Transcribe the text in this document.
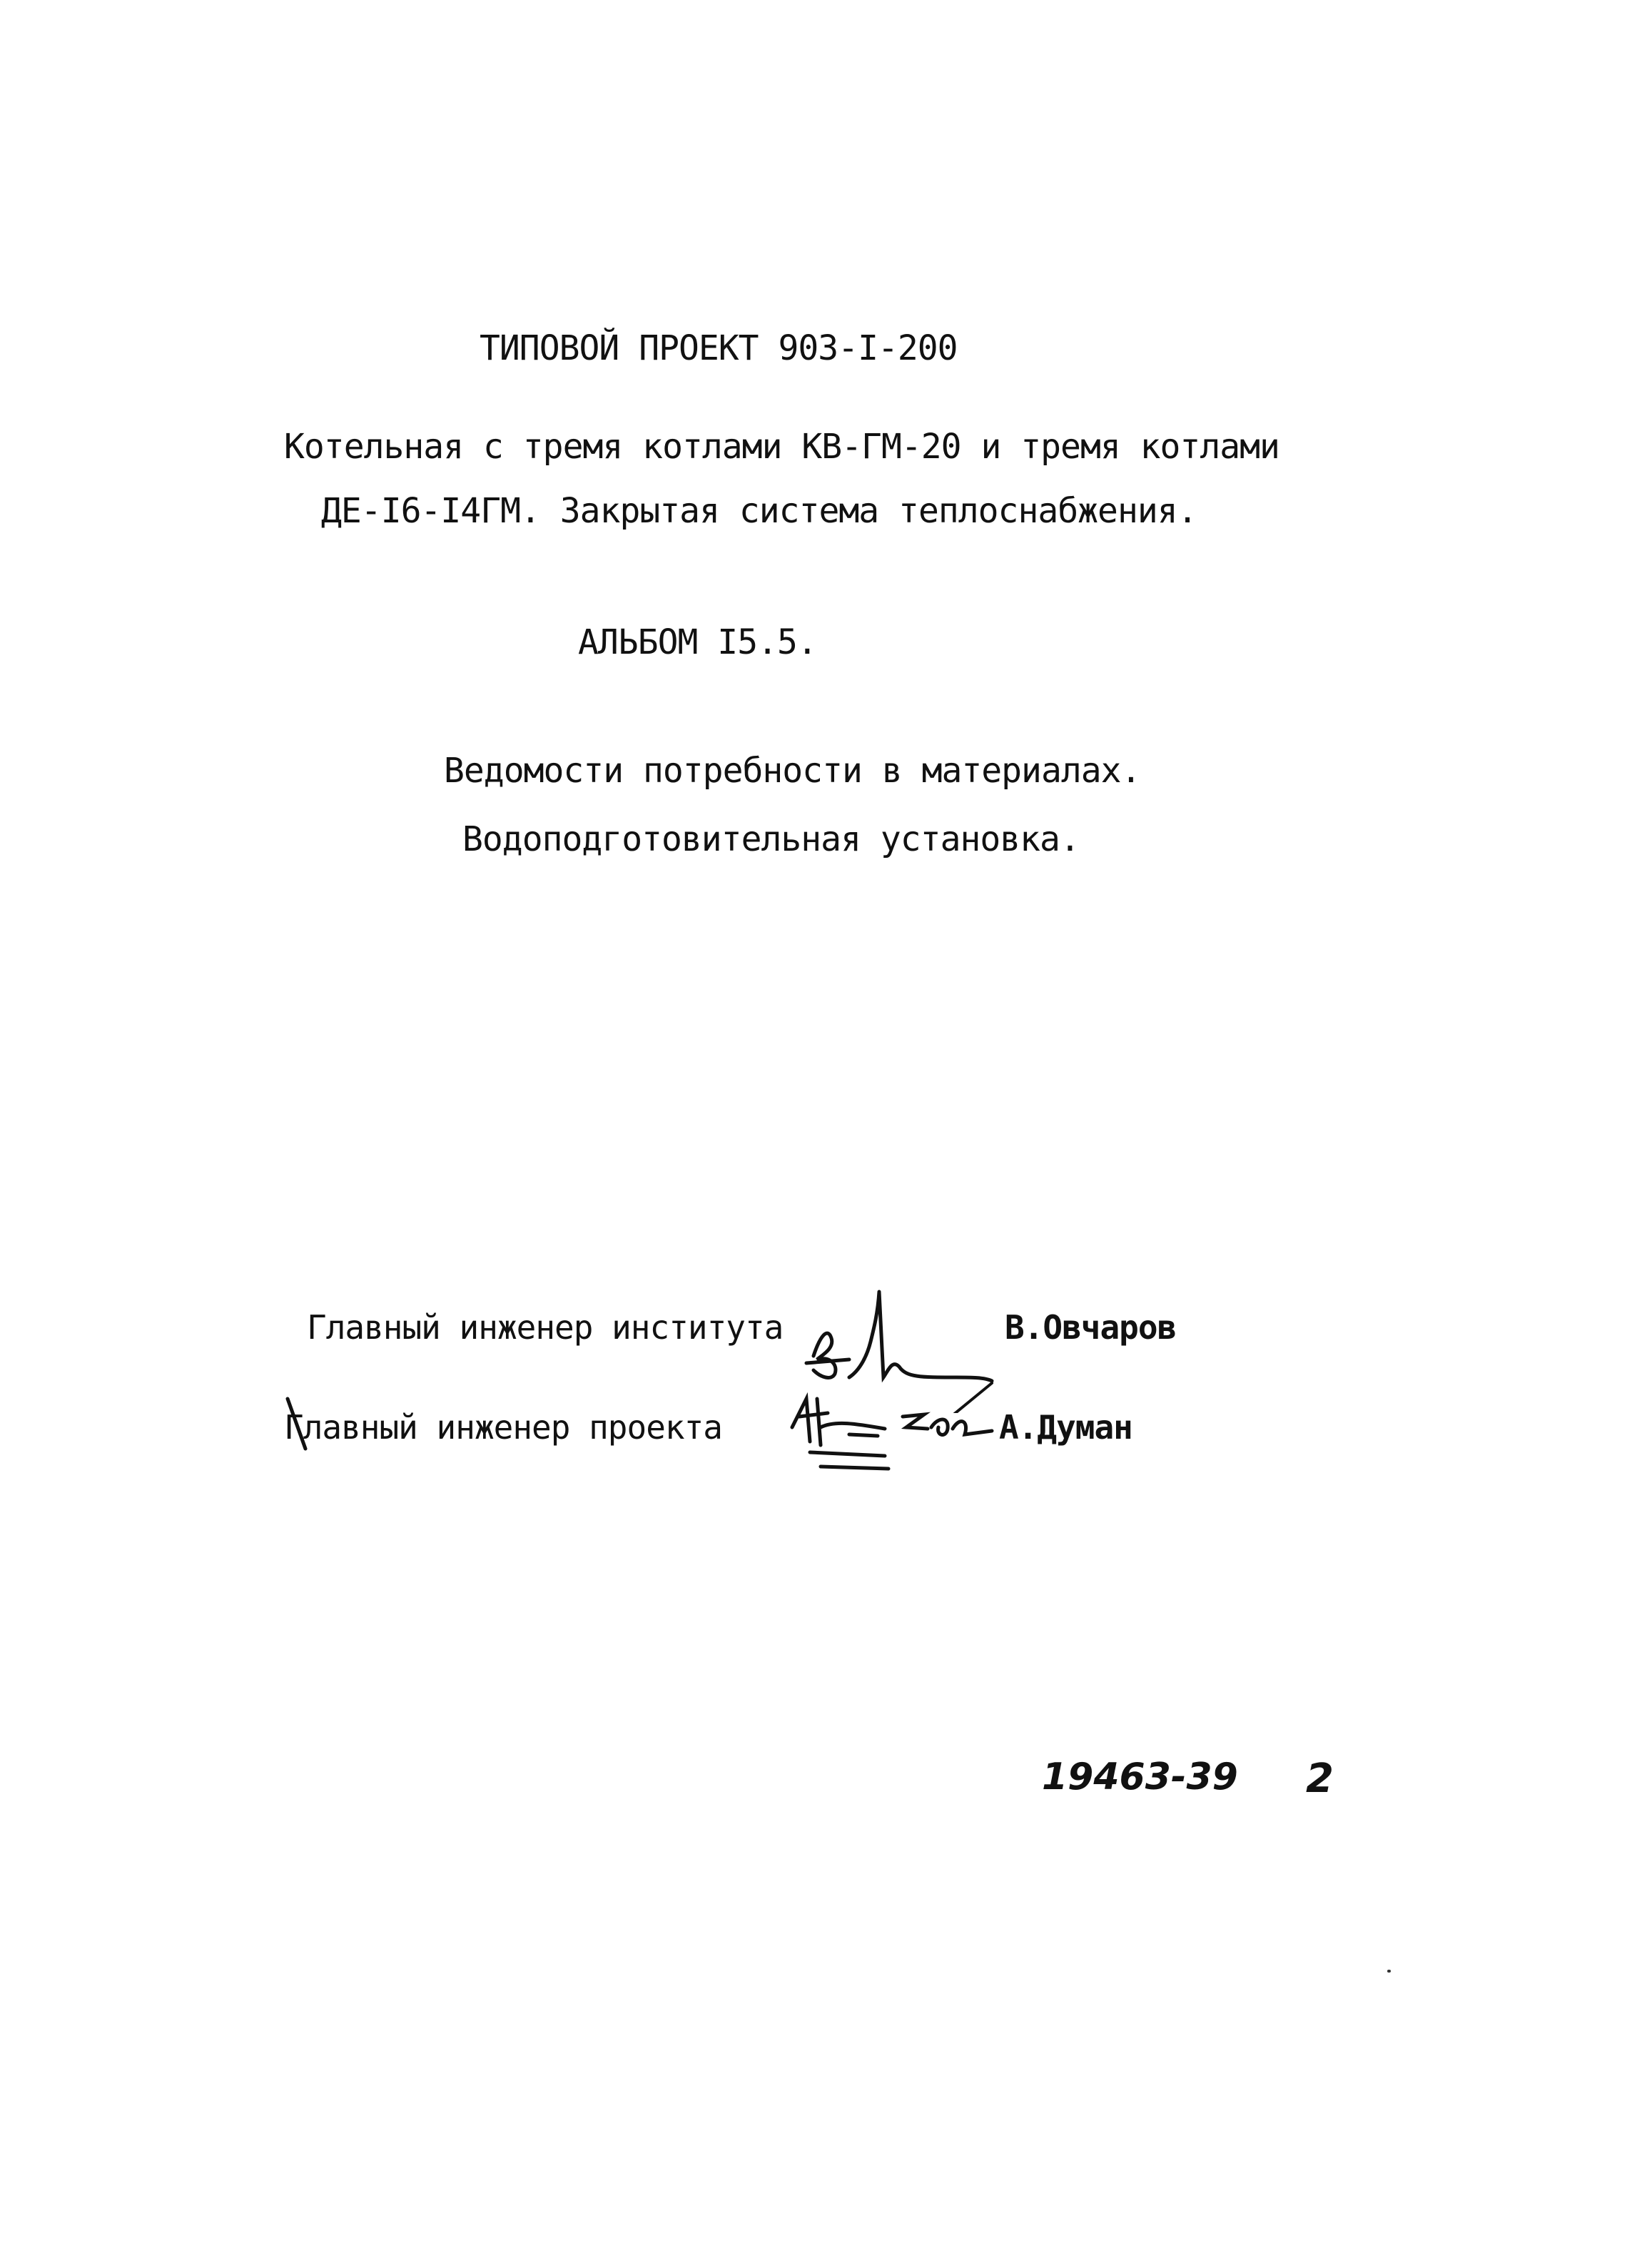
ТИПОВОЙ ПРОЕКТ 903-I-200
Котельная с тремя котлами КВ-ГМ-20 и тремя котлами
ДЕ-I6-I4ГМ. Закрытая система теплоснабжения.
АЛЬБОМ I5.5.
Ведомости потребности в материалах.
Водоподготовительная установка.
Главный инженер института	В.Овчаров
Главный инженер проекта	А.Думан
19463-39 2
